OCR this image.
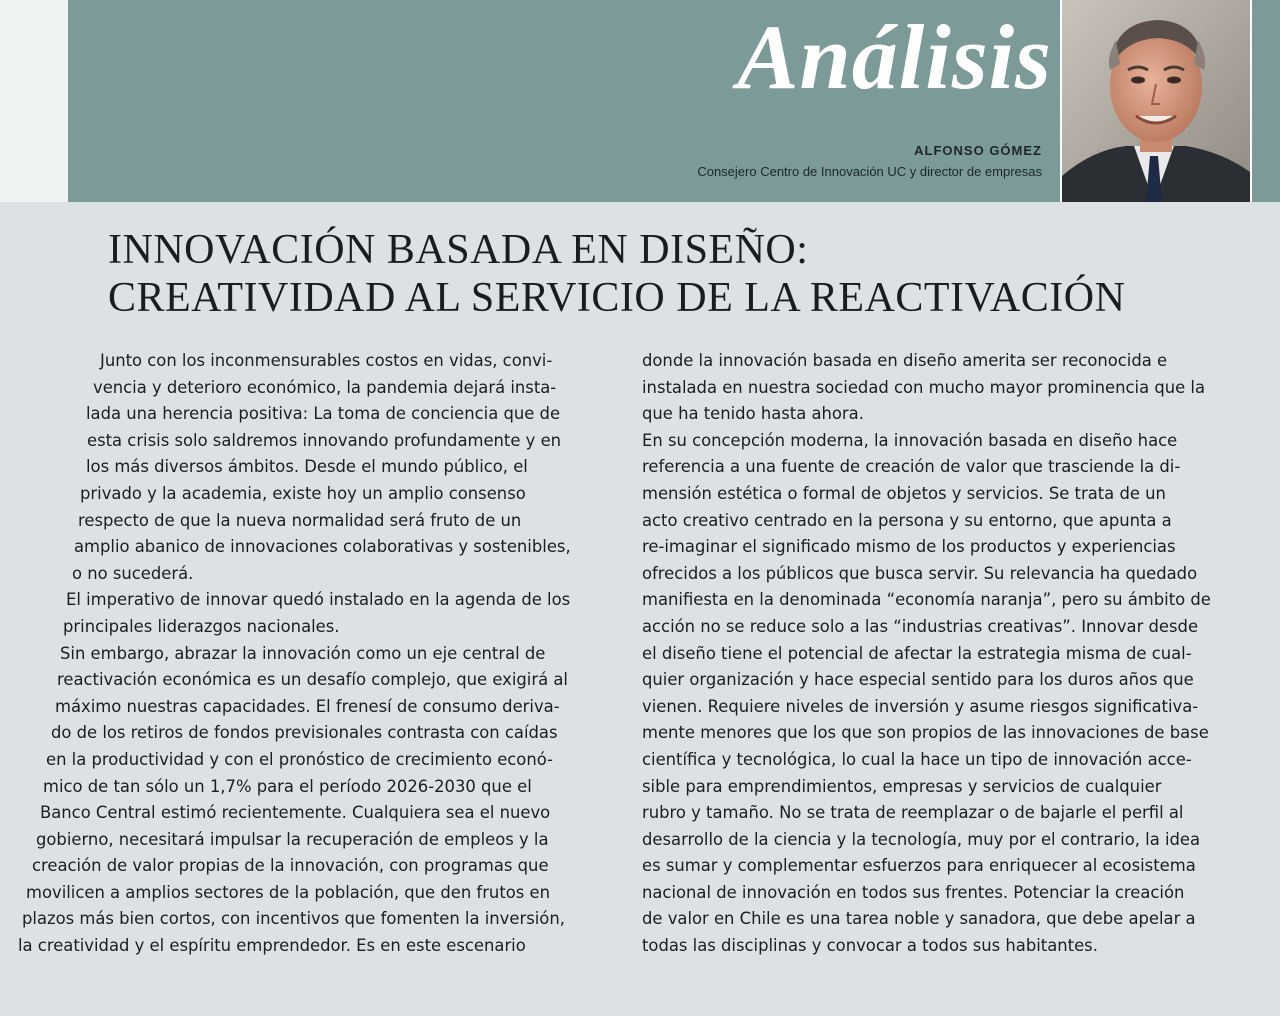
Análisis

ALFONSO GÓMEZ

Consejero Centro de Innovación UC y director de empresas

INNOVACIÓN BASADA EN DISEÑO:
CREATIVIDAD AL SERVICIO DE LA REACTIVACIÓN
Junto con los inconmensurables costos en vidas, convi-
vencia y deterioro económico, la pandemia dejará insta-
lada una herencia positiva: La toma de conciencia que de
esta crisis solo saldremos innovando profundamente y en
los más diversos ámbitos. Desde el mundo público, el
privado y la academia, existe hoy un amplio consenso
respecto de que la nueva normalidad será fruto de un
amplio abanico de innovaciones colaborativas y sostenibles,
o no sucederá.
El imperativo de innovar quedó instalado en la agenda de los
principales liderazgos nacionales.
Sin embargo, abrazar la innovación como un eje central de
reactivación económica es un desafío complejo, que exigirá al
máximo nuestras capacidades. El frenesí de consumo deriva-
do de los retiros de fondos previsionales contrasta con caídas
en la productividad y con el pronóstico de crecimiento econó-
mico de tan sólo un 1,7% para el período 2026-2030 que el
Banco Central estimó recientemente. Cualquiera sea el nuevo
gobierno, necesitará impulsar la recuperación de empleos y la
creación de valor propias de la innovación, con programas que
movilicen a amplios sectores de la población, que den frutos en
plazos más bien cortos, con incentivos que fomenten la inversión,
la creatividad y el espíritu emprendedor. Es en este escenario
donde la innovación basada en diseño amerita ser reconocida e
instalada en nuestra sociedad con mucho mayor prominencia que la
que ha tenido hasta ahora.
En su concepción moderna, la innovación basada en diseño hace
referencia a una fuente de creación de valor que trasciende la di-
mensión estética o formal de objetos y servicios. Se trata de un
acto creativo centrado en la persona y su entorno, que apunta a
re-imaginar el significado mismo de los productos y experiencias
ofrecidos a los públicos que busca servir. Su relevancia ha quedado
manifiesta en la denominada “economía naranja”, pero su ámbito de
acción no se reduce solo a las “industrias creativas”. Innovar desde
el diseño tiene el potencial de afectar la estrategia misma de cual-
quier organización y hace especial sentido para los duros años que
vienen. Requiere niveles de inversión y asume riesgos significativa-
mente menores que los que son propios de las innovaciones de base
científica y tecnológica, lo cual la hace un tipo de innovación acce-
sible para emprendimientos, empresas y servicios de cualquier
rubro y tamaño. No se trata de reemplazar o de bajarle el perfil al
desarrollo de la ciencia y la tecnología, muy por el contrario, la idea
es sumar y complementar esfuerzos para enriquecer al ecosistema
nacional de innovación en todos sus frentes. Potenciar la creación
de valor en Chile es una tarea noble y sanadora, que debe apelar a
todas las disciplinas y convocar a todos sus habitantes.
